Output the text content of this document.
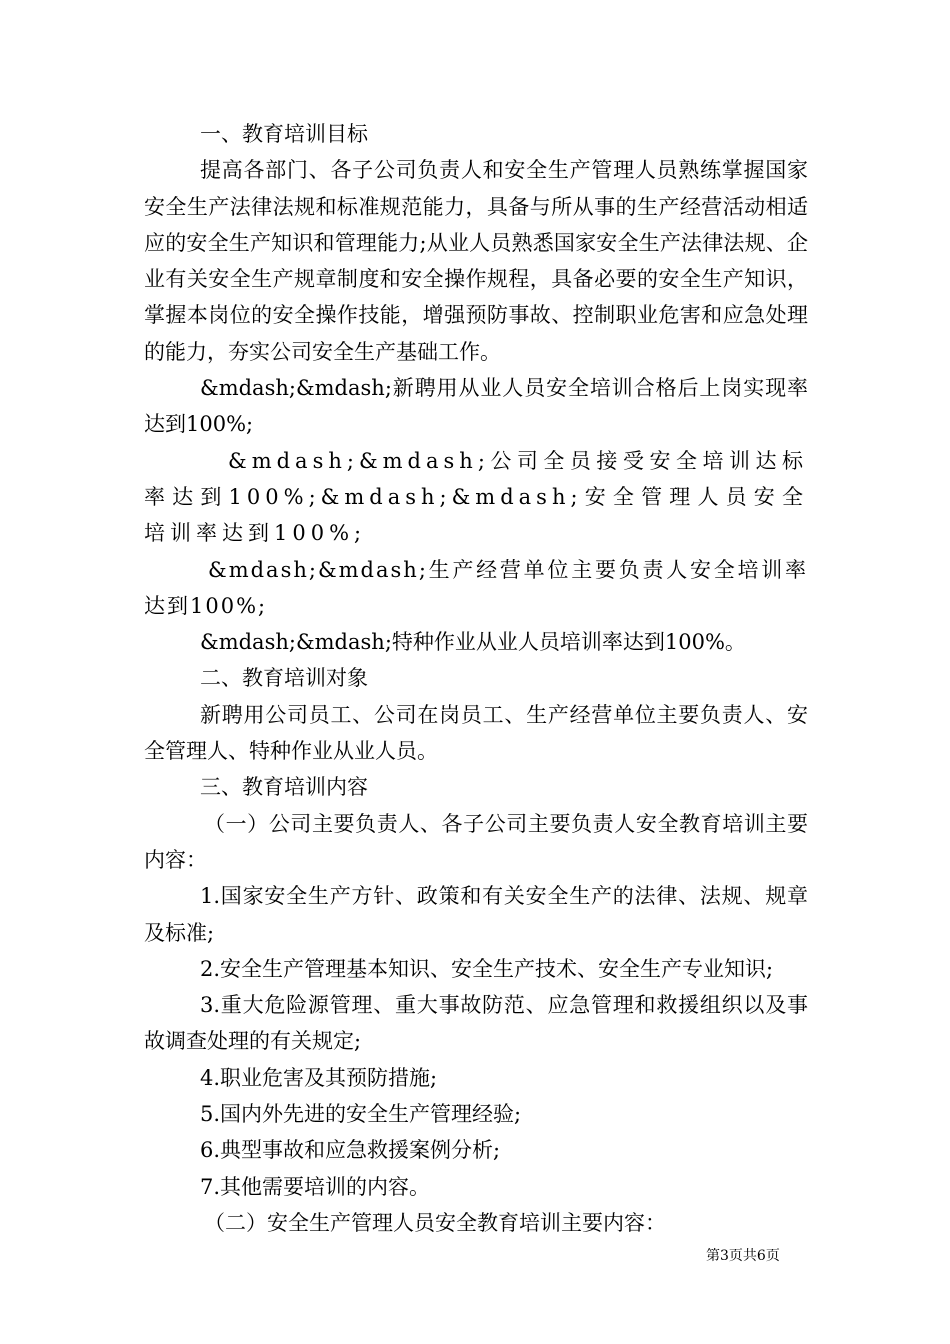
一、教育培训目标

提高各部门、各子公司负责人和安全生产管理人员熟练掌握国家安全生产法律法规和标准规范能力，具备与所从事的生产经营活动相适应的安全生产知识和管理能力;从业人员熟悉国家安全生产法律法规、企业有关安全生产规章制度和安全操作规程，具备必要的安全生产知识，掌握本岗位的安全操作技能，增强预防事故、控制职业危害和应急处理的能力，夯实公司安全生产基础工作。

&mdash;&mdash;新聘用从业人员安全培训合格后上岗实现率达到100%;

&mdash;&mdash;公司全员接受安全培训达标率达到100%;&mdash;&mdash;安全管理人员安全培训率达到100%;

&mdash;&mdash;生产经营单位主要负责人安全培训率达到100%;

&mdash;&mdash;特种作业从业人员培训率达到100%。

二、教育培训对象

新聘用公司员工、公司在岗员工、生产经营单位主要负责人、安全管理人、特种作业从业人员。

三、教育培训内容

（一）公司主要负责人、各子公司主要负责人安全教育培训主要内容：

1.国家安全生产方针、政策和有关安全生产的法律、法规、规章及标准;

2.安全生产管理基本知识、安全生产技术、安全生产专业知识;

3.重大危险源管理、重大事故防范、应急管理和救援组织以及事故调查处理的有关规定;

4.职业危害及其预防措施;

5.国内外先进的安全生产管理经验;

6.典型事故和应急救援案例分析;

7.其他需要培训的内容。

（二）安全生产管理人员安全教育培训主要内容：

第3页共6页
